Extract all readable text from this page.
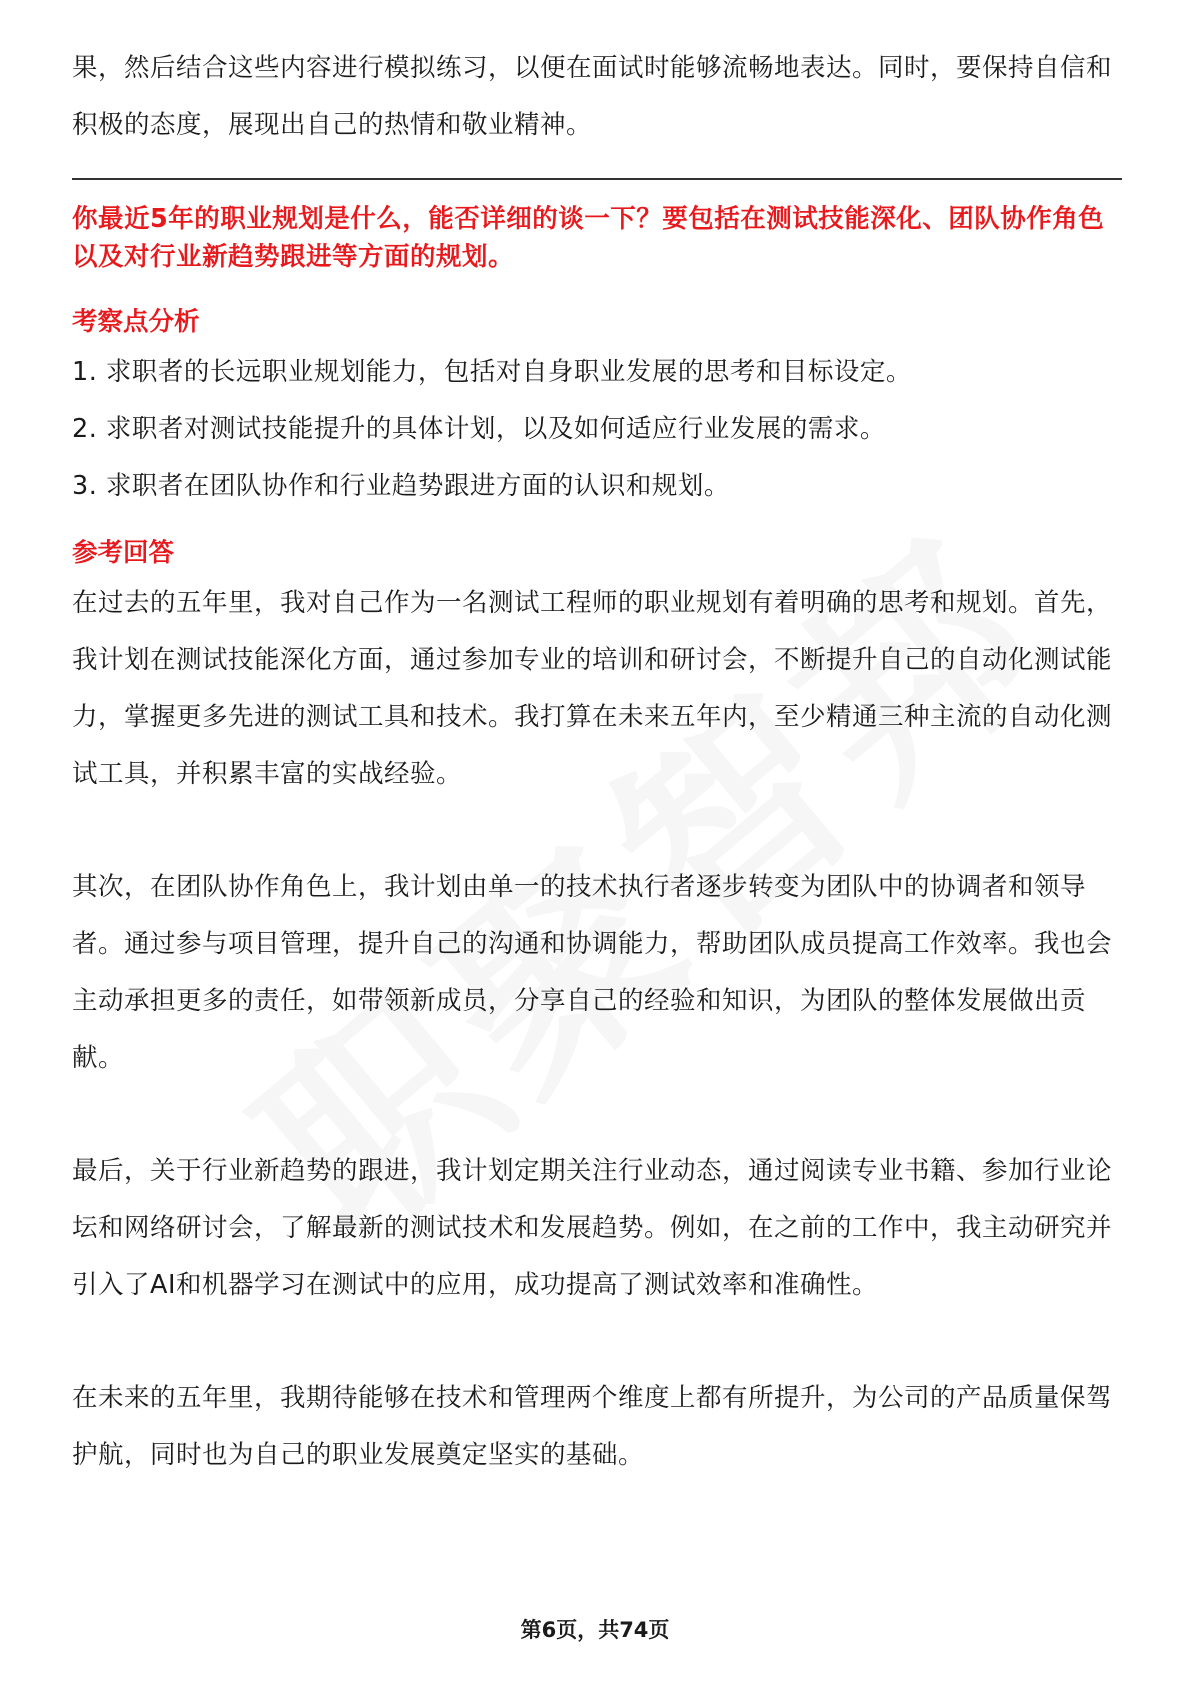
果，然后结合这些内容进行模拟练习，以便在面试时能够流畅地表达。同时，要保持自信和积极的态度，展现出自己的热情和敬业精神。

你最近5年的职业规划是什么，能否详细的谈一下？要包括在测试技能深化、团队协作角色以及对行业新趋势跟进等方面的规划。

考察点分析
1. 求职者的长远职业规划能力，包括对自身职业发展的思考和目标设定。
2. 求职者对测试技能提升的具体计划，以及如何适应行业发展的需求。
3. 求职者在团队协作和行业趋势跟进方面的认识和规划。
参考回答

在过去的五年里，我对自己作为一名测试工程师的职业规划有着明确的思考和规划。首先，我计划在测试技能深化方面，通过参加专业的培训和研讨会，不断提升自己的自动化测试能力，掌握更多先进的测试工具和技术。我打算在未来五年内，至少精通三种主流的自动化测试工具，并积累丰富的实战经验。

其次，在团队协作角色上，我计划由单一的技术执行者逐步转变为团队中的协调者和领导者。通过参与项目管理，提升自己的沟通和协调能力，帮助团队成员提高工作效率。我也会主动承担更多的责任，如带领新成员，分享自己的经验和知识，为团队的整体发展做出贡献。

最后，关于行业新趋势的跟进，我计划定期关注行业动态，通过阅读专业书籍、参加行业论坛和网络研讨会，了解最新的测试技术和发展趋势。例如，在之前的工作中，我主动研究并引入了AI和机器学习在测试中的应用，成功提高了测试效率和准确性。

在未来的五年里，我期待能够在技术和管理两个维度上都有所提升，为公司的产品质量保驾护航，同时也为自己的职业发展奠定坚实的基础。

第6页，共74页
